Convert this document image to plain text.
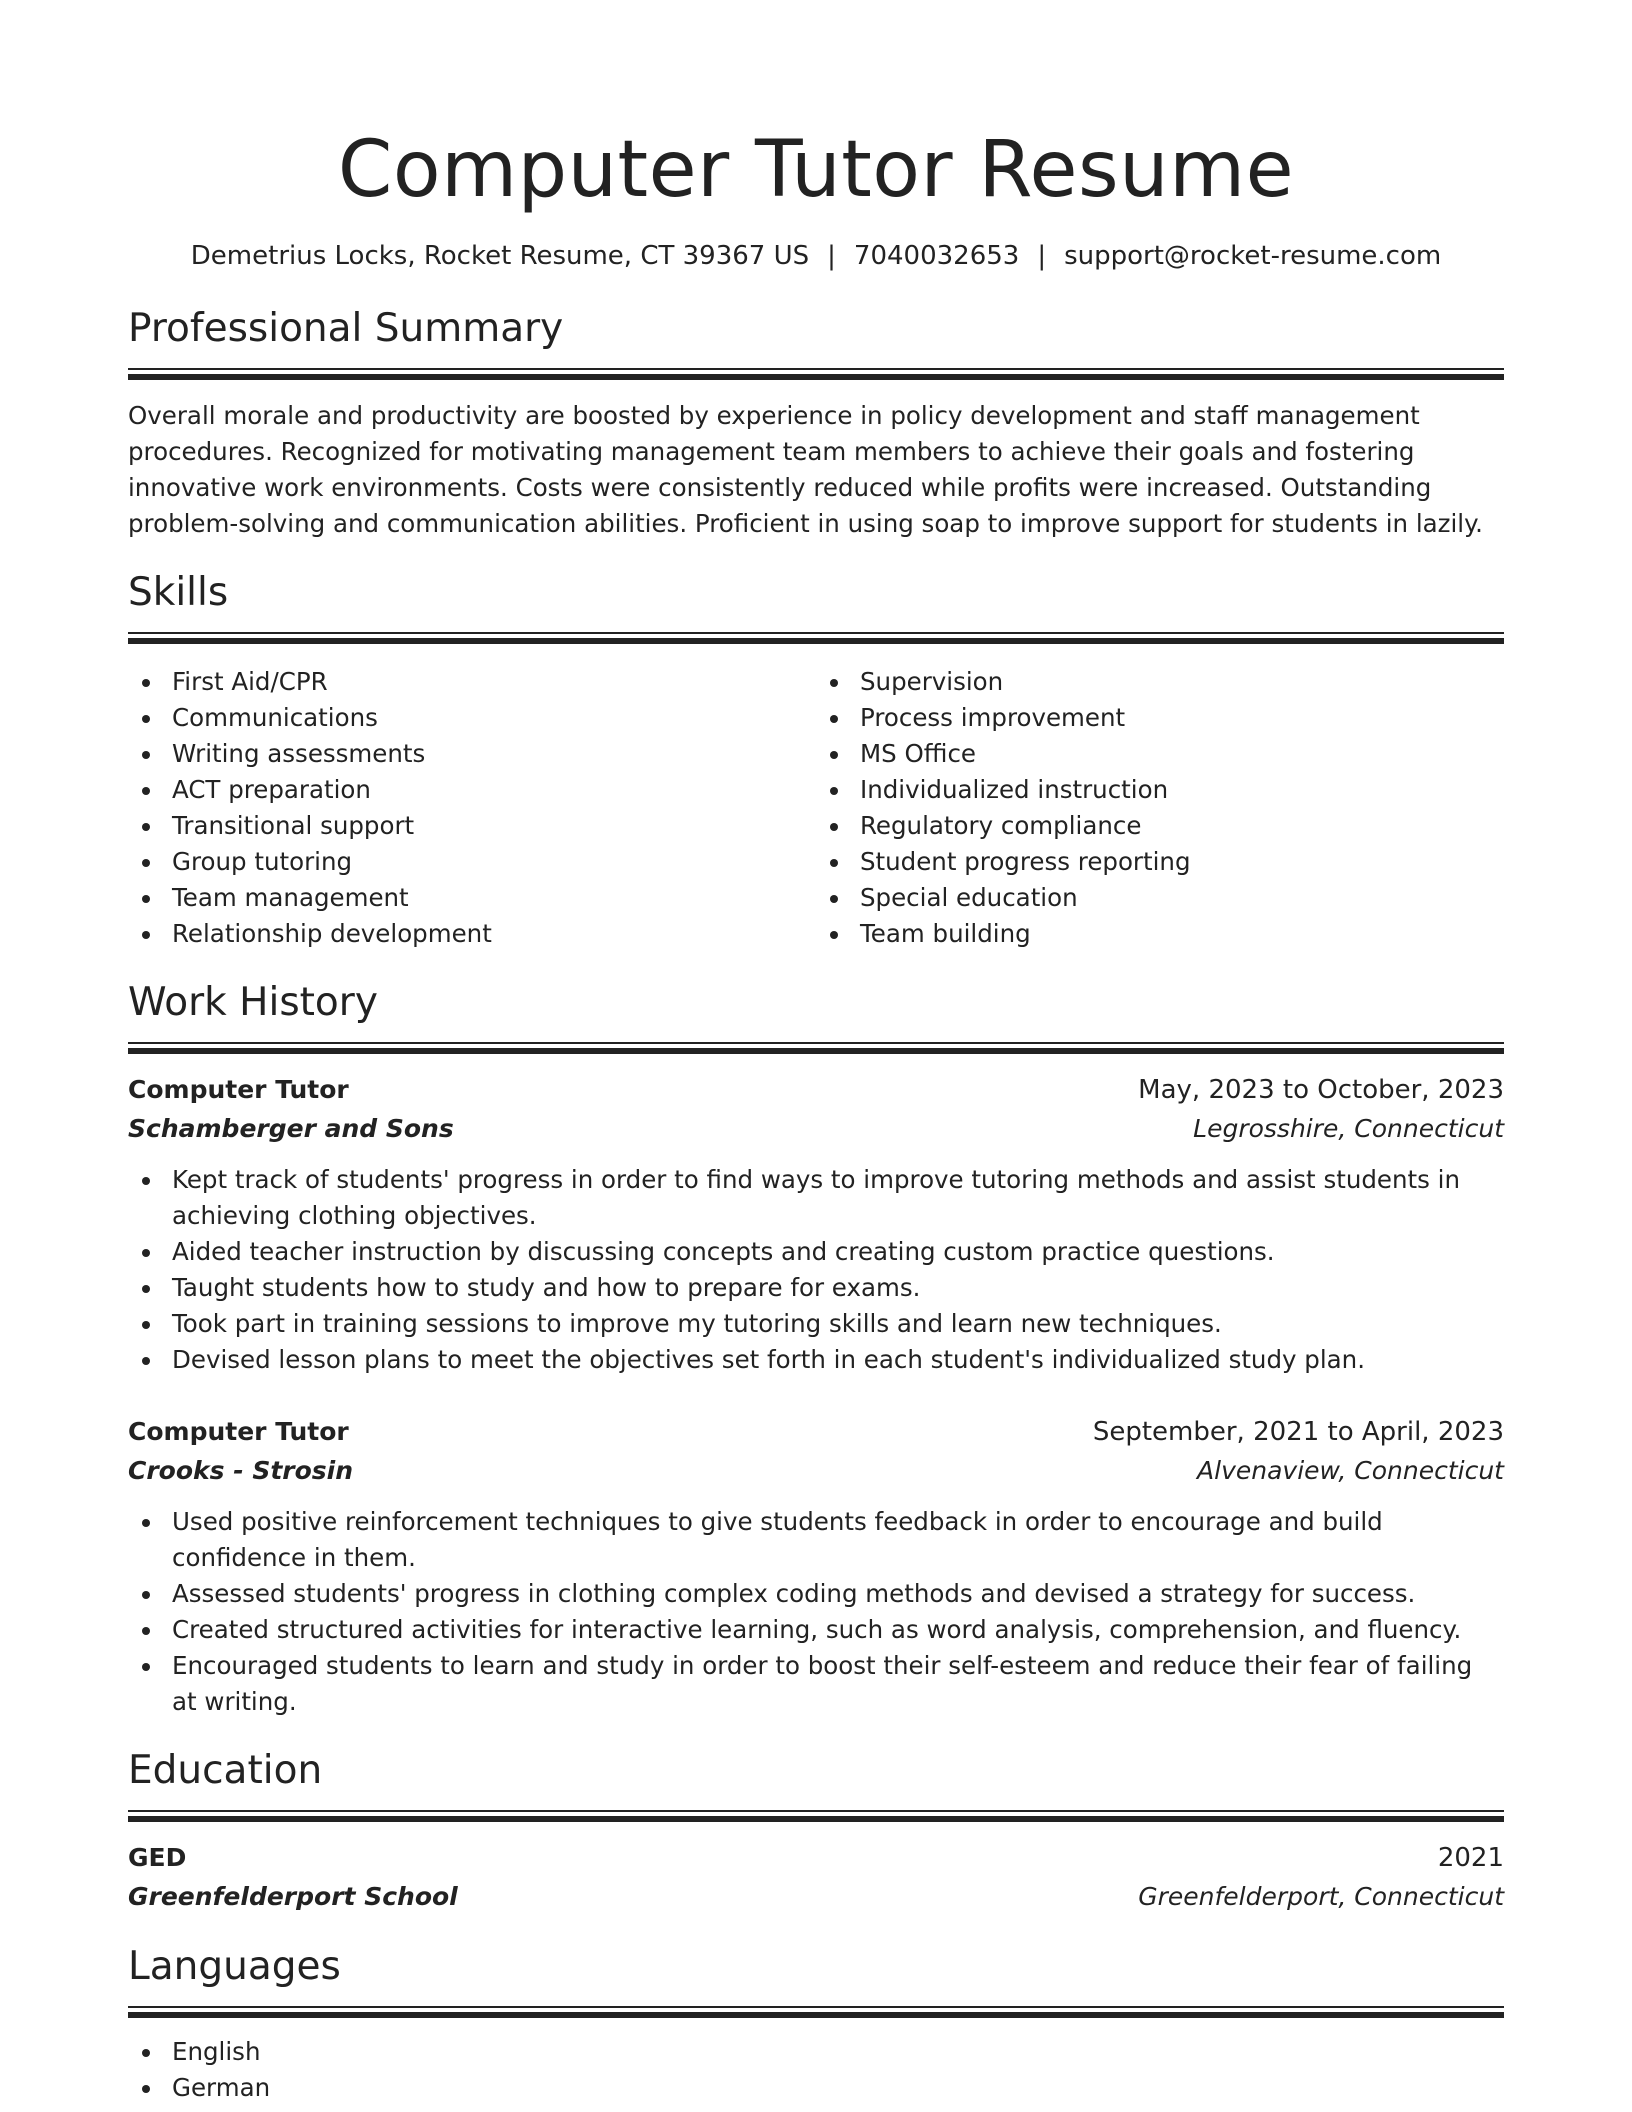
Computer Tutor Resume
Demetrius Locks, Rocket Resume, CT 39367 US | 7040032653 | support@rocket-resume.com
Professional Summary

Overall morale and productivity are boosted by experience in policy development and staff management procedures. Recognized for motivating management team members to achieve their goals and fostering innovative work environments. Costs were consistently reduced while profits were increased. Outstanding problem-solving and communication abilities. Proficient in using soap to improve support for students in lazily.

Skills
First Aid/CPR
Communications
Writing assessments
ACT preparation
Transitional support
Group tutoring
Team management
Relationship development
Supervision
Process improvement
MS Office
Individualized instruction
Regulatory compliance
Student progress reporting
Special education
Team building
Work History
Computer Tutor	May, 2023 to October, 2023
Schamberger and Sons	Legrosshire, Connecticut
Kept track of students' progress in order to find ways to improve tutoring methods and assist students in achieving clothing objectives.
Aided teacher instruction by discussing concepts and creating custom practice questions.
Taught students how to study and how to prepare for exams.
Took part in training sessions to improve my tutoring skills and learn new techniques.
Devised lesson plans to meet the objectives set forth in each student's individualized study plan.
Computer Tutor	September, 2021 to April, 2023
Crooks - Strosin	Alvenaview, Connecticut
Used positive reinforcement techniques to give students feedback in order to encourage and build confidence in them.
Assessed students' progress in clothing complex coding methods and devised a strategy for success.
Created structured activities for interactive learning, such as word analysis, comprehension, and fluency.
Encouraged students to learn and study in order to boost their self-esteem and reduce their fear of failing at writing.
Education
GED	2021
Greenfelderport School	Greenfelderport, Connecticut
Languages
English
German
